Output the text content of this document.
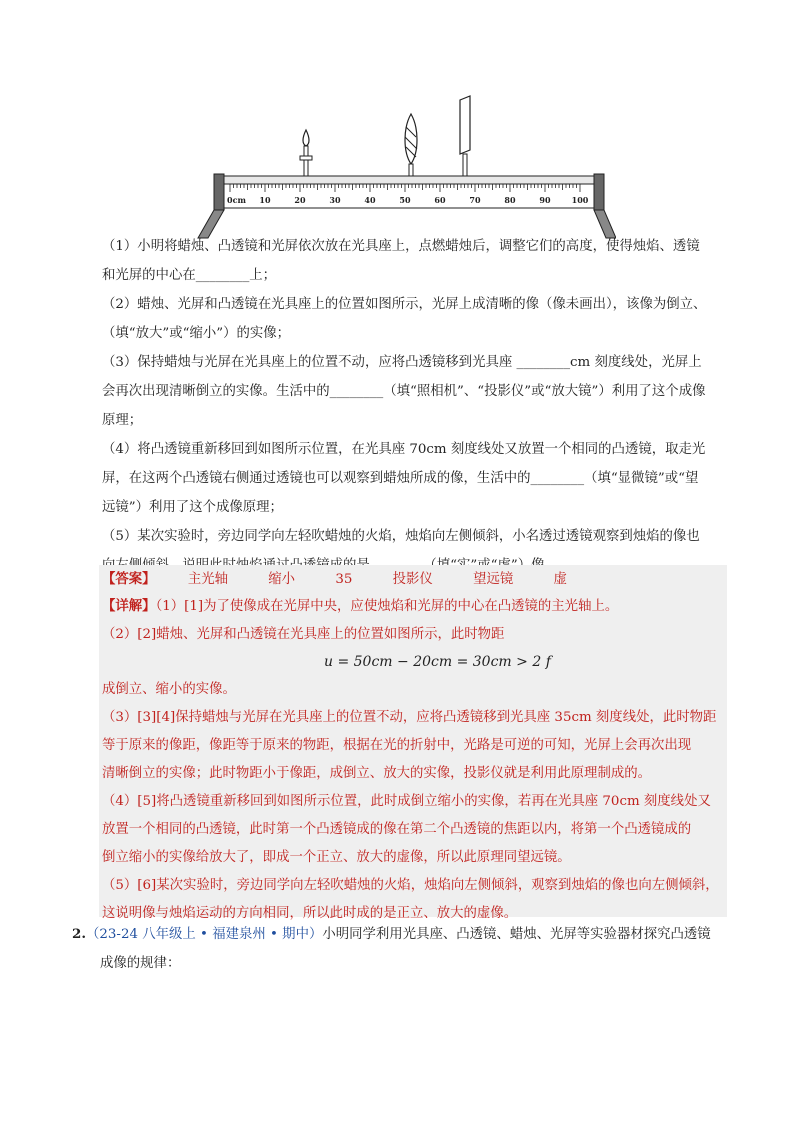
0cm 10	20	30	40	50	60	70	80	90	100
（1）小明将蜡烛、凸透镜和光屏依次放在光具座上，点燃蜡烛后，调整它们的高度，使得烛焰、透镜
和光屏的中心在________上；
（2）蜡烛、光屏和凸透镜在光具座上的位置如图所示，光屏上成清晰的像（像未画出），该像为倒立、
（填“放大”或“缩小”）的实像；
（3）保持蜡烛与光屏在光具座上的位置不动，应将凸透镜移到光具座 ________cm 刻度线处，光屏上
会再次出现清晰倒立的实像。生活中的________（填“照相机”、“投影仪”或“放大镜”）利用了这个成像
原理；
（4）将凸透镜重新移回到如图所示位置，在光具座 70cm 刻度线处又放置一个相同的凸透镜，取走光
屏，在这两个凸透镜右侧通过透镜也可以观察到蜡烛所成的像，生活中的________（填“显微镜”或“望
远镜”）利用了这个成像原理；
（5）某次实验时，旁边同学向左轻吹蜡烛的火焰，烛焰向左侧倾斜，小名透过透镜观察到烛焰的像也
【答案】 主光轴	缩小	35	投影仪	望远镜	虚
【详解】（1）[1]为了使像成在光屏中央，应使烛焰和光屏的中心在凸透镜的主光轴上。
（2）[2]蜡烛、光屏和凸透镜在光具座上的位置如图所示，此时物距
u = 50cm − 20cm = 30cm > 2 f
成倒立、缩小的实像。
（3）[3][4]保持蜡烛与光屏在光具座上的位置不动，应将凸透镜移到光具座 35cm 刻度线处，此时物距
等于原来的像距，像距等于原来的物距，根据在光的折射中，光路是可逆的可知，光屏上会再次出现
清晰倒立的实像；此时物距小于像距，成倒立、放大的实像，投影仪就是利用此原理制成的。
（4）[5]将凸透镜重新移回到如图所示位置，此时成倒立缩小的实像，若再在光具座 70cm 刻度线处又
放置一个相同的凸透镜，此时第一个凸透镜成的像在第二个凸透镜的焦距以内，将第一个凸透镜成的
倒立缩小的实像给放大了，即成一个正立、放大的虚像，所以此原理同望远镜。
（5）[6]某次实验时，旁边同学向左轻吹蜡烛的火焰，烛焰向左侧倾斜，观察到烛焰的像也向左侧倾斜，
这说明像与烛焰运动的方向相同，所以此时成的是正立、放大的虚像。
2.（23-24 八年级上 • 福建泉州 • 期中）小明同学利用光具座、凸透镜、蜡烛、光屏等实验器材探究凸透镜
成像的规律：
